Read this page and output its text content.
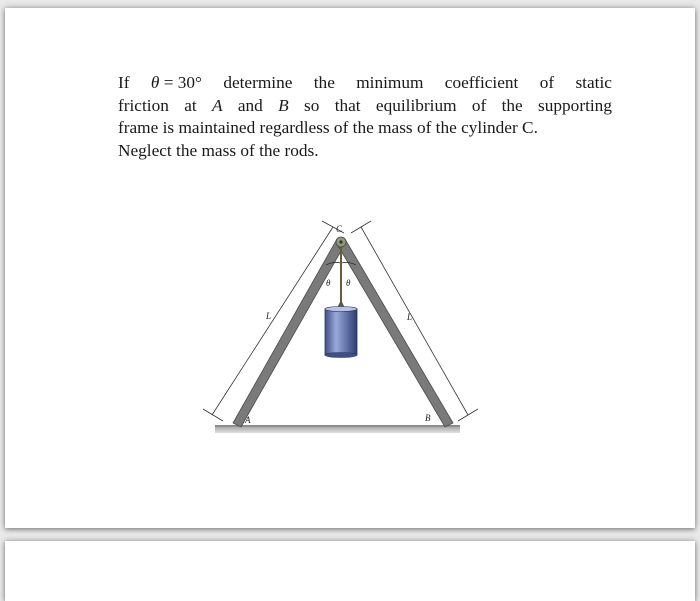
If θ = 30° determine the minimum coefficient of static
friction at A and B so that equilibrium of the supporting
frame is maintained regardless of the mass of the cylinder C.
Neglect the mass of the rods.
C
A	B
L	L
θ θ
